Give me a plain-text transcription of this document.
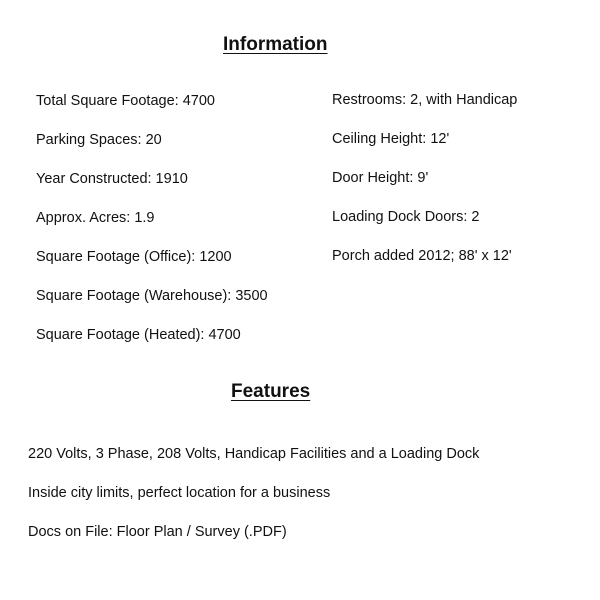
Information
Total Square Footage: 4700
Parking Spaces: 20
Year Constructed: 1910
Approx. Acres: 1.9
Square Footage (Office): 1200
Square Footage (Warehouse): 3500
Square Footage (Heated): 4700
Restrooms: 2, with Handicap
Ceiling Height: 12'
Door Height: 9'
Loading Dock Doors: 2
Porch added 2012; 88' x 12'
Features
220 Volts, 3 Phase, 208 Volts, Handicap Facilities and a Loading Dock
Inside city limits, perfect location for a business
Docs on File: Floor Plan / Survey (.PDF)
